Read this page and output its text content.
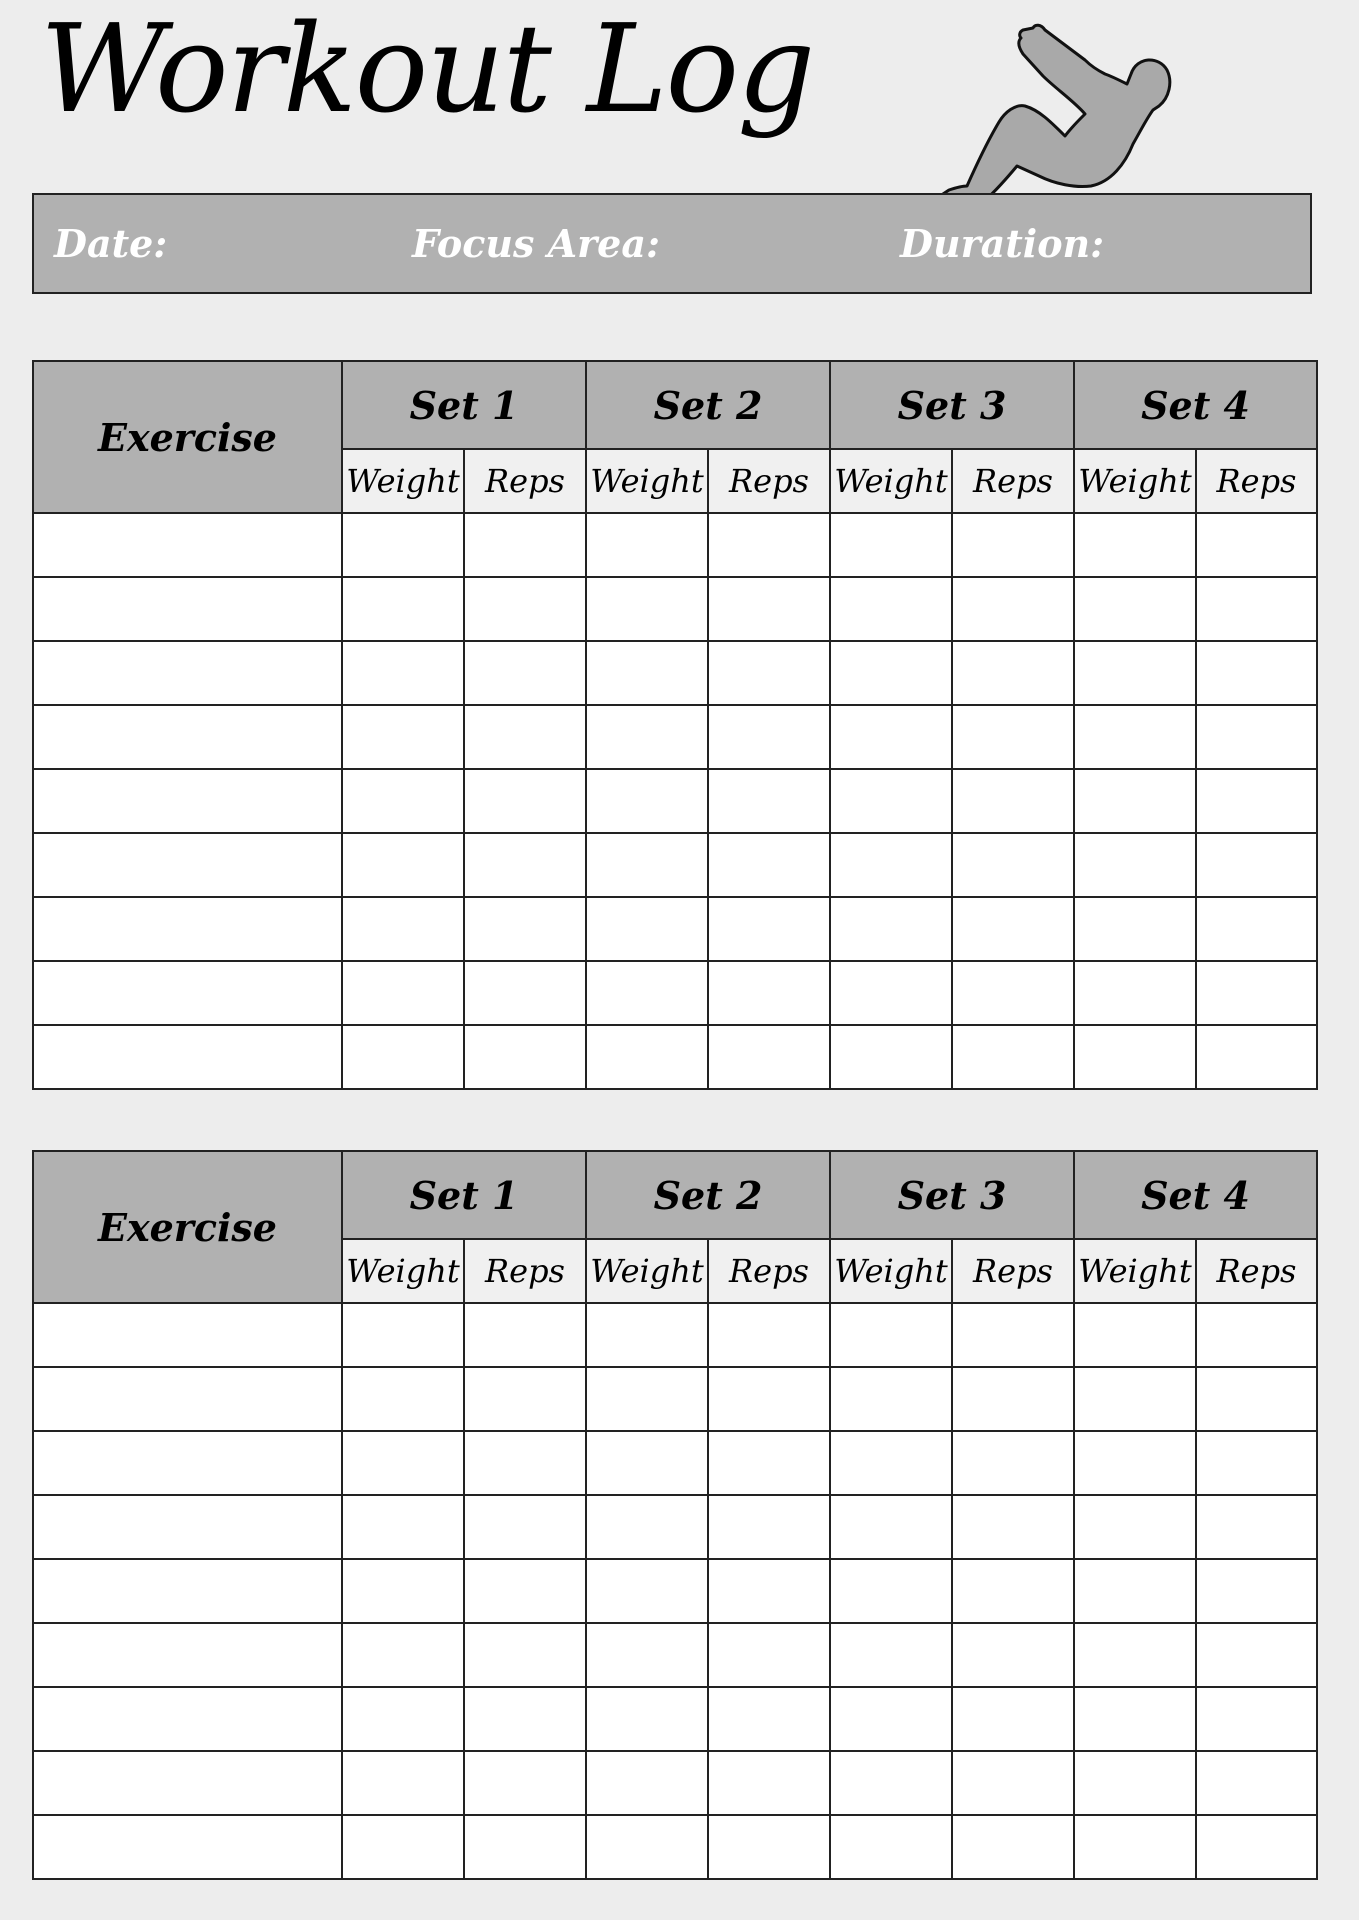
Workout Log
Date:	Focus Area:	Duration:
Exercise	Set 1		Set 2		Set 3		Set 4	
	Weight	Reps	Weight	Reps	Weight	Reps	Weight	Reps

Exercise	Set 1		Set 2		Set 3		Set 4	
	Weight	Reps	Weight	Reps	Weight	Reps	Weight	Reps
